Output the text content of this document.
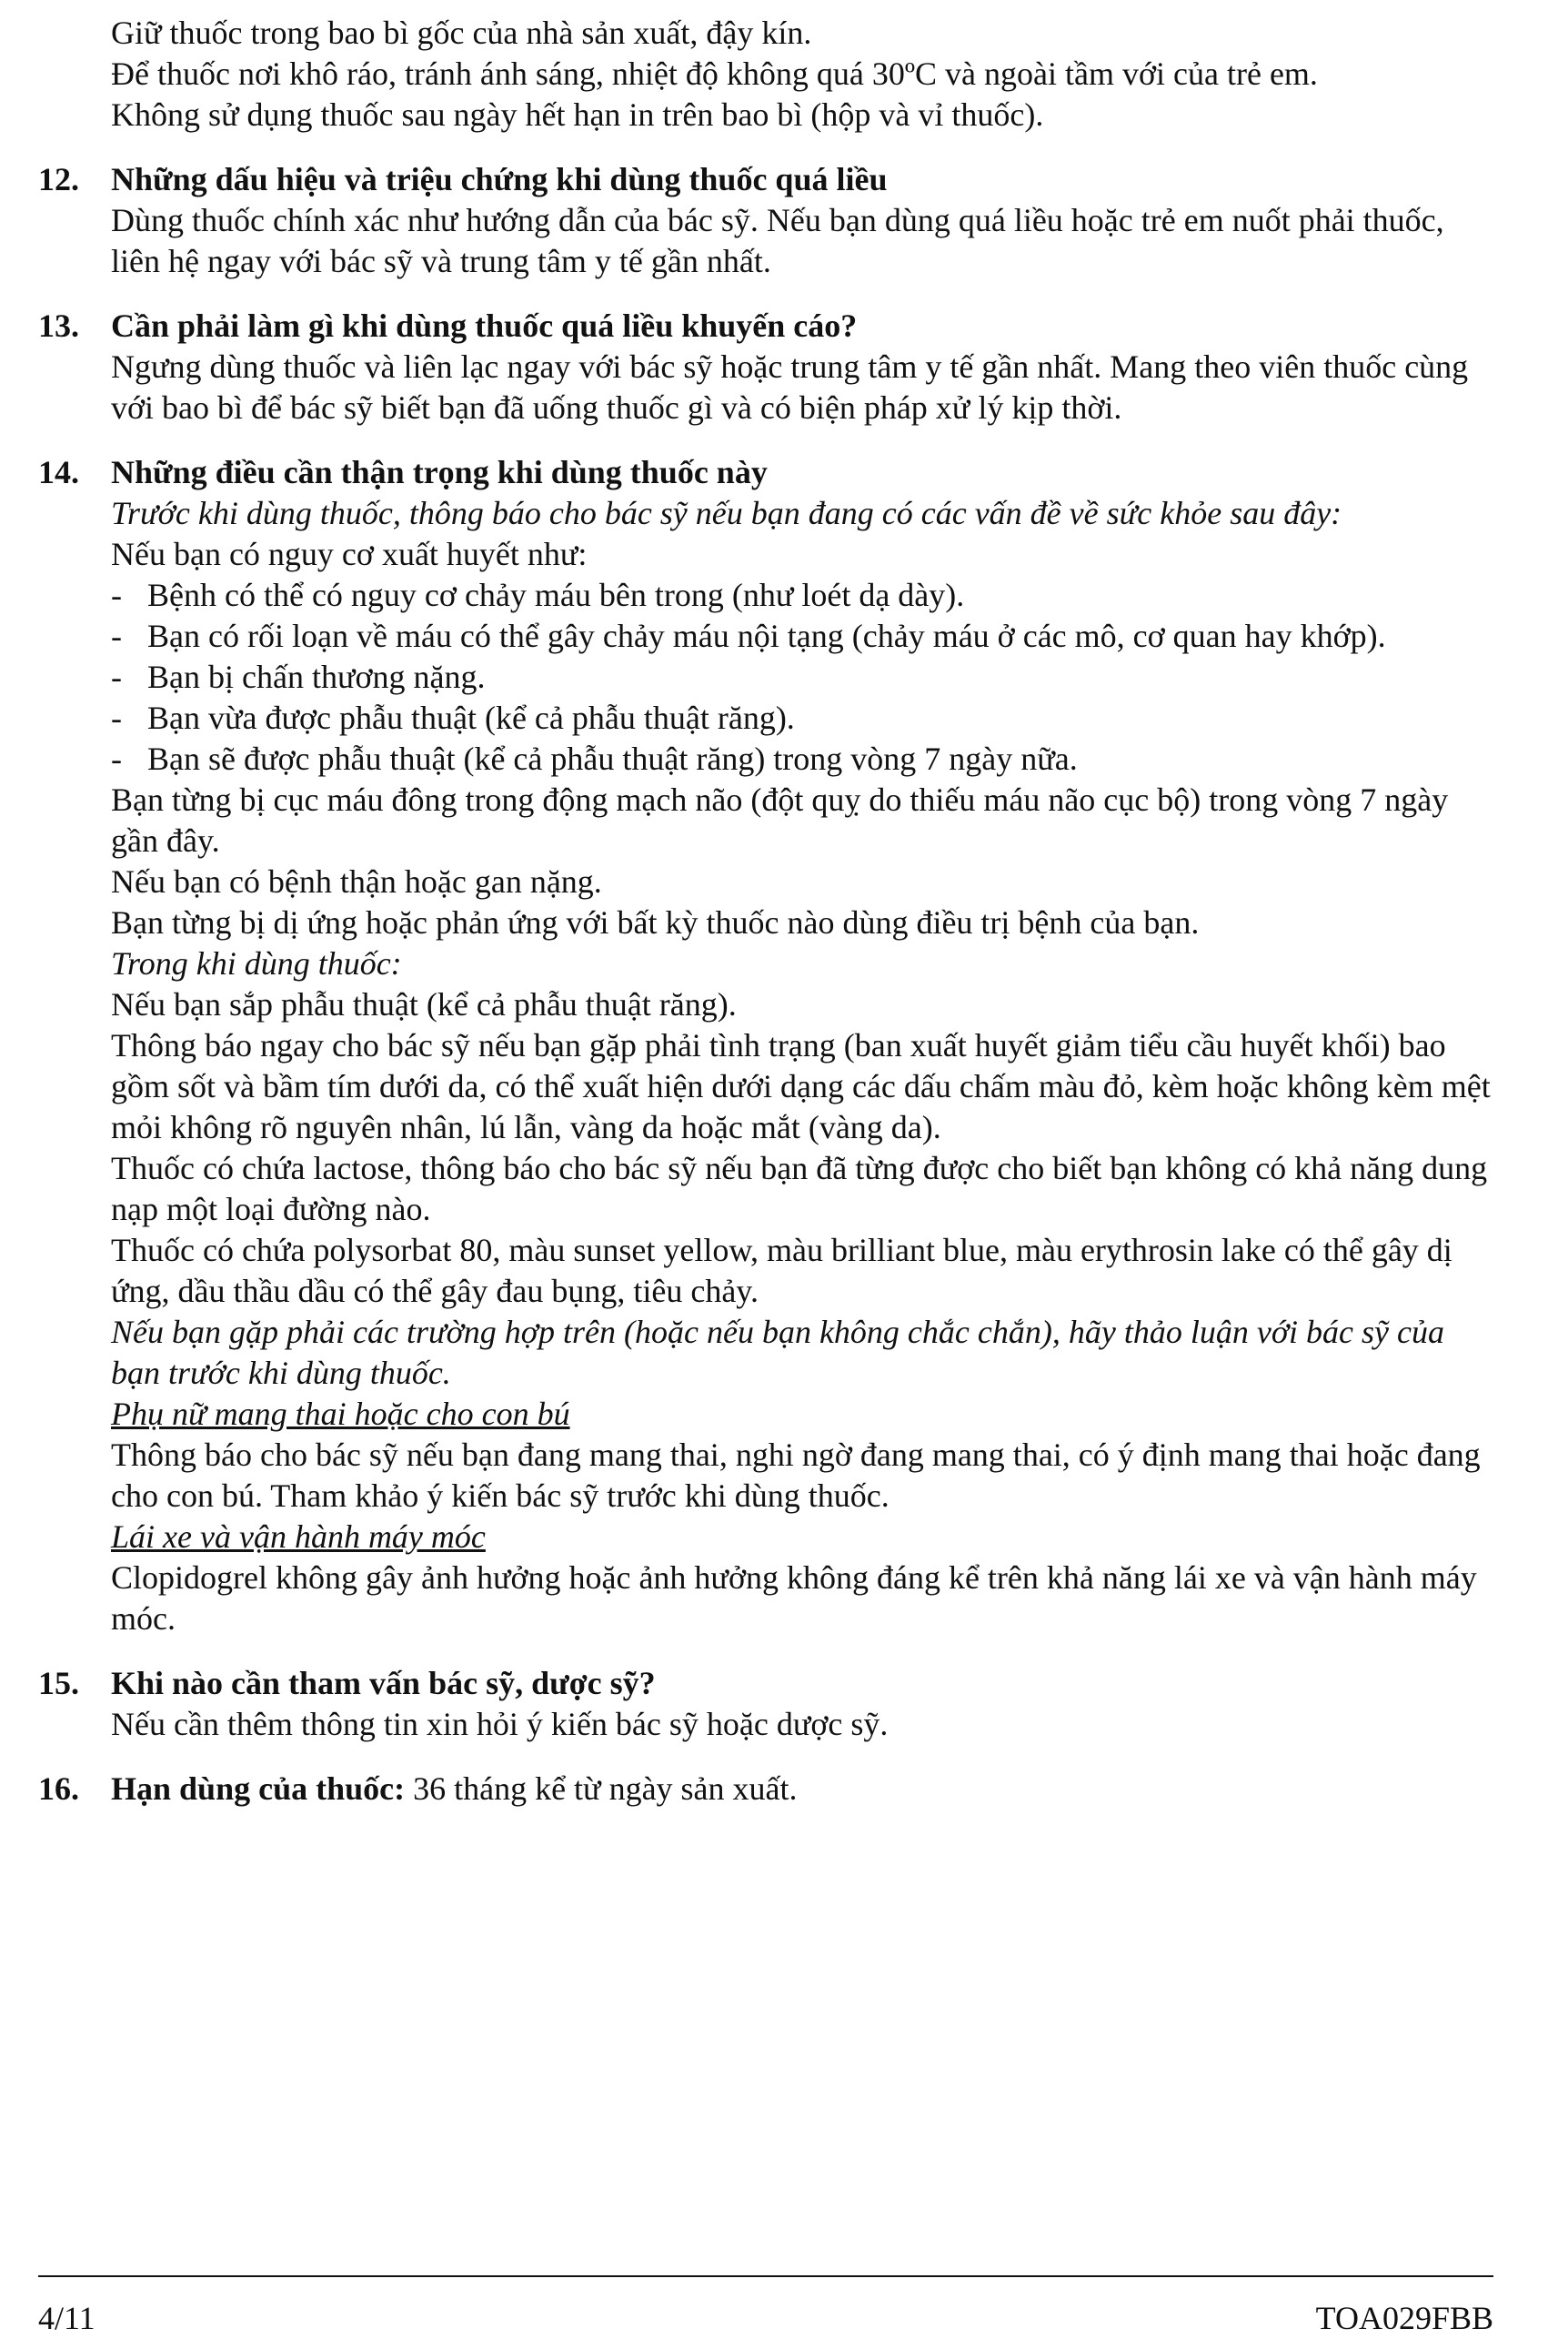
Giữ thuốc trong bao bì gốc của nhà sản xuất, đậy kín.

Để thuốc nơi khô ráo, tránh ánh sáng, nhiệt độ không quá 30ºC và ngoài tầm với của trẻ em.

Không sử dụng thuốc sau ngày hết hạn in trên bao bì (hộp và vỉ thuốc).

12. Những dấu hiệu và triệu chứng khi dùng thuốc quá liều

Dùng thuốc chính xác như hướng dẫn của bác sỹ. Nếu bạn dùng quá liều hoặc trẻ em nuốt phải thuốc, liên hệ ngay với bác sỹ và trung tâm y tế gần nhất.

13. Cần phải làm gì khi dùng thuốc quá liều khuyến cáo?

Ngưng dùng thuốc và liên lạc ngay với bác sỹ hoặc trung tâm y tế gần nhất. Mang theo viên thuốc cùng với bao bì để bác sỹ biết bạn đã uống thuốc gì và có biện pháp xử lý kịp thời.

14. Những điều cần thận trọng khi dùng thuốc này

Trước khi dùng thuốc, thông báo cho bác sỹ nếu bạn đang có các vấn đề về sức khỏe sau đây:

Nếu bạn có nguy cơ xuất huyết như:

- Bệnh có thể có nguy cơ chảy máu bên trong (như loét dạ dày).
- Bạn có rối loạn về máu có thể gây chảy máu nội tạng (chảy máu ở các mô, cơ quan hay khớp).
- Bạn bị chấn thương nặng.
- Bạn vừa được phẫu thuật (kể cả phẫu thuật răng).
- Bạn sẽ được phẫu thuật (kể cả phẫu thuật răng) trong vòng 7 ngày nữa.

Bạn từng bị cục máu đông trong động mạch não (đột quỵ do thiếu máu não cục bộ) trong vòng 7 ngày gần đây.

Nếu bạn có bệnh thận hoặc gan nặng.

Bạn từng bị dị ứng hoặc phản ứng với bất kỳ thuốc nào dùng điều trị bệnh của bạn.

Trong khi dùng thuốc:

Nếu bạn sắp phẫu thuật (kể cả phẫu thuật răng).

Thông báo ngay cho bác sỹ nếu bạn gặp phải tình trạng (ban xuất huyết giảm tiểu cầu huyết khối) bao gồm sốt và bầm tím dưới da, có thể xuất hiện dưới dạng các dấu chấm màu đỏ, kèm hoặc không kèm mệt mỏi không rõ nguyên nhân, lú lẫn, vàng da hoặc mắt (vàng da).

Thuốc có chứa lactose, thông báo cho bác sỹ nếu bạn đã từng được cho biết bạn không có khả năng dung nạp một loại đường nào.

Thuốc có chứa polysorbat 80, màu sunset yellow, màu brilliant blue, màu erythrosin lake có thể gây dị ứng, dầu thầu dầu có thể gây đau bụng, tiêu chảy.

Nếu bạn gặp phải các trường hợp trên (hoặc nếu bạn không chắc chắn), hãy thảo luận với bác sỹ của bạn trước khi dùng thuốc.

Phụ nữ mang thai hoặc cho con bú

Thông báo cho bác sỹ nếu bạn đang mang thai, nghi ngờ đang mang thai, có ý định mang thai hoặc đang cho con bú. Tham khảo ý kiến bác sỹ trước khi dùng thuốc.

Lái xe và vận hành máy móc

Clopidogrel không gây ảnh hưởng hoặc ảnh hưởng không đáng kể trên khả năng lái xe và vận hành máy móc.

15. Khi nào cần tham vấn bác sỹ, dược sỹ?

Nếu cần thêm thông tin xin hỏi ý kiến bác sỹ hoặc dược sỹ.

16. Hạn dùng của thuốc: 36 tháng kể từ ngày sản xuất.

4/11	TOA029FBB
